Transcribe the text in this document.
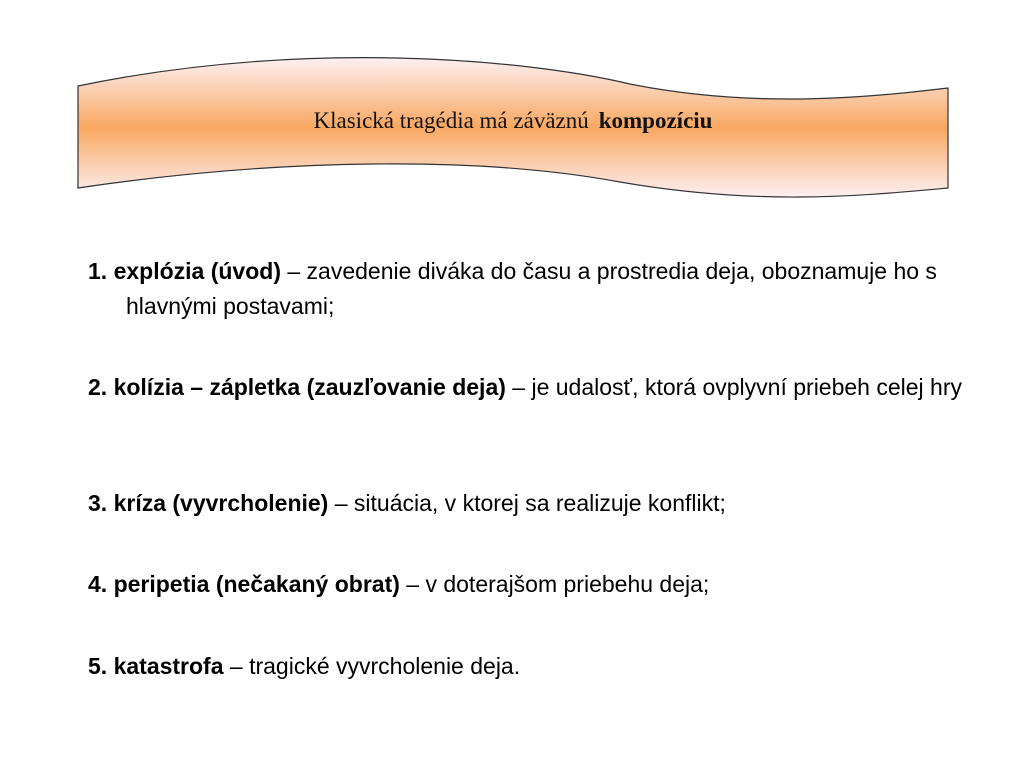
Klasická tragédia má záväznú kompozíciu
1. explózia (úvod) – zavedenie diváka do času a prostredia deja, oboznamuje ho s hlavnými postavami;
2. kolízia – zápletka (zauzľovanie deja) – je udalosť, ktorá ovplyvní priebeh celej hry
3. kríza (vyvrcholenie) – situácia, v ktorej sa realizuje konflikt;
4. peripetia (nečakaný obrat) – v doterajšom priebehu deja;
5. katastrofa – tragické vyvrcholenie deja.
